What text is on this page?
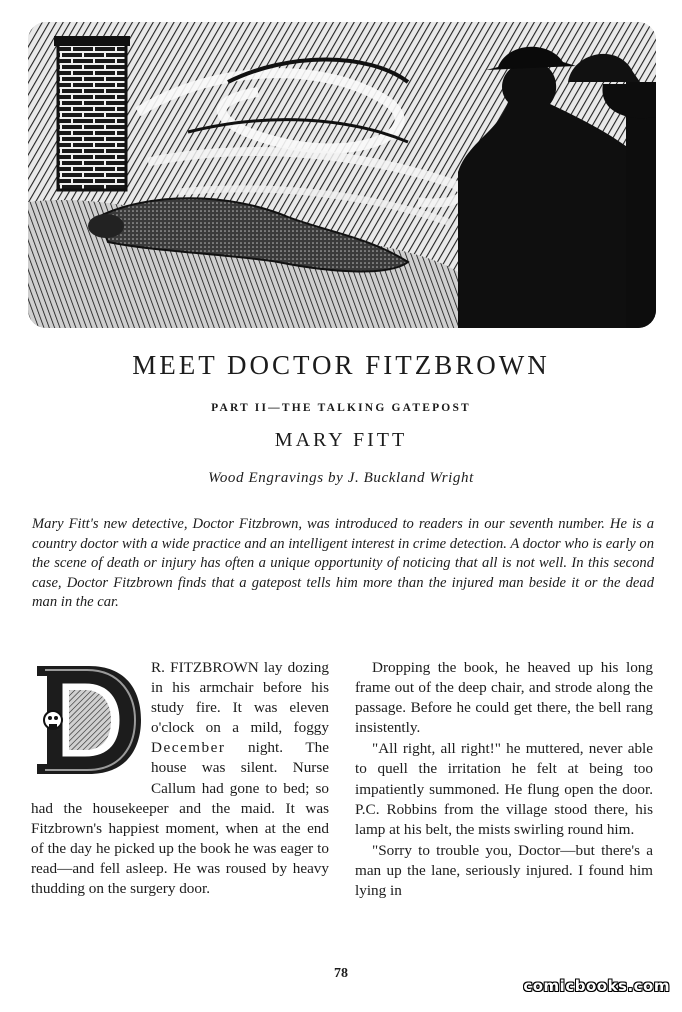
MEET DOCTOR FITZBROWN
PART II—THE TALKING GATEPOST
MARY FITT
Wood Engravings by J. Buckland Wright

Mary Fitt's new detective, Doctor Fitzbrown, was introduced to readers in our seventh number. He is a country doctor with a wide practice and an intelligent interest in crime detection. A doctor who is early on the scene of death or injury has often a unique opportunity of noticing that all is not well. In this second case, Doctor Fitzbrown finds that a gatepost tells him more than the injured man beside it or the dead man in the car.

R. FITZBROWN lay dozing in his armchair before his study fire. It was eleven o'clock on a mild, foggy December night. The house was silent. Nurse Callum had gone to bed; so had the housekeeper and the maid. It was Fitzbrown's happiest moment, when at the end of the day he picked up the book he was eager to read—and fell asleep. He was roused by heavy thudding on the surgery door.

Dropping the book, he heaved up his long frame out of the deep chair, and strode along the passage. Before he could get there, the bell rang insistently.

"All right, all right!" he muttered, never able to quell the irritation he felt at being too impatiently summoned. He flung open the door. P.C. Robbins from the village stood there, his lamp at his belt, the mists swirling round him.

"Sorry to trouble you, Doctor—but there's a man up the lane, seriously injured. I found him lying in

78
comicbooks.com
